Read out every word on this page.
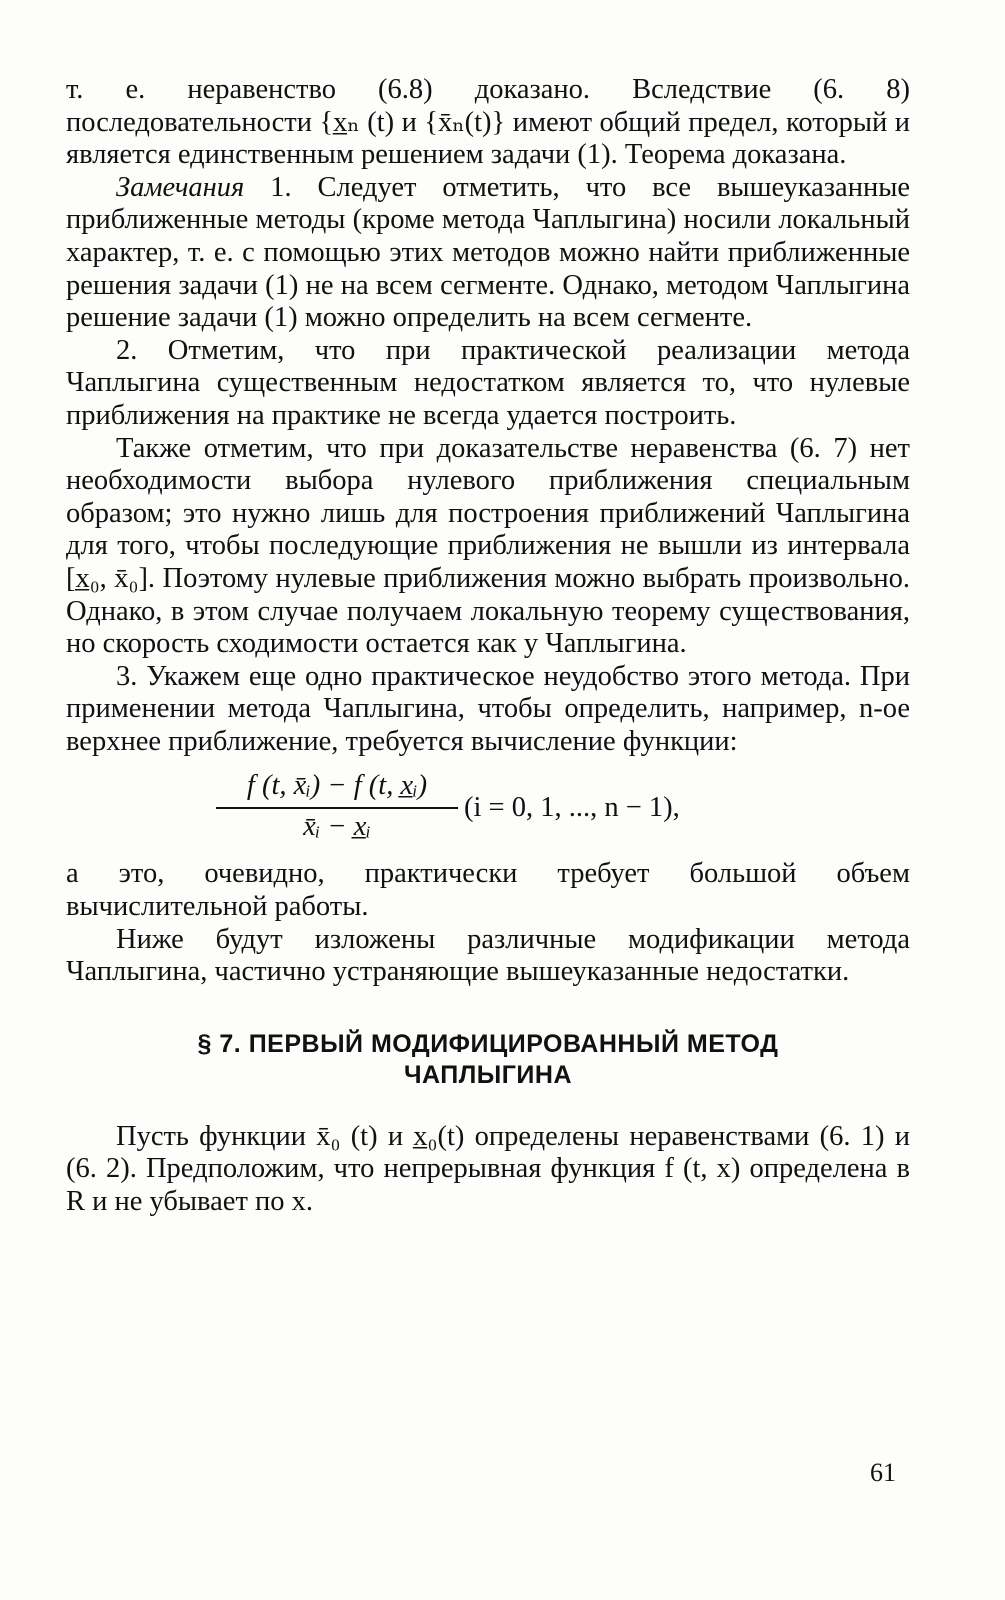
т. е. неравенство (6.8) доказано. Вследствие (6. 8) последовательности {x̲ₙ (t) и {x̄ₙ(t)} имеют общий предел, который и является единственным решением задачи (1). Теорема доказана.

Замечания 1. Следует отметить, что все вышеуказанные приближенные методы (кроме метода Чаплыгина) носили локальный характер, т. е. с помощью этих методов можно найти приближенные решения задачи (1) не на всем сегменте. Однако, методом Чаплыгина решение задачи (1) можно определить на всем сегменте.

2. Отметим, что при практической реализации метода Чаплыгина существенным недостатком является то, что нулевые приближения на практике не всегда удается построить.

Также отметим, что при доказательстве неравенства (6. 7) нет необходимости выбора нулевого приближения специальным образом; это нужно лишь для построения приближений Чаплыгина для того, чтобы последующие приближения не вышли из интервала [x̲₀, x̄₀]. Поэтому нулевые приближения можно выбрать произвольно. Однако, в этом случае получаем локальную теорему существования, но скорость сходимости остается как у Чаплыгина.

3. Укажем еще одно практическое неудобство этого метода. При применении метода Чаплыгина, чтобы определить, например, n-ое верхнее приближение, требуется вычисление функции:

$\frac{\text{f (t, x̄ᵢ) − f (t, x̲ᵢ)}}{\text{x̄ᵢ − x̲ᵢ}} (i = 0$, 1, ..., n − 1),

а это, очевидно, практически требует большой объем вычислительной работы.

Ниже будут изложены различные модификации метода Чаплыгина, частично устраняющие вышеуказанные недостатки.

§ 7. ПЕРВЫЙ МОДИФИЦИРОВАННЫЙ МЕТОД
ЧАПЛЫГИНА

Пусть функции x̄₀ (t) и x̲₀(t) определены неравенствами (6. 1) и (6. 2). Предположим, что непрерывная функция f (t, x) определена в R и не убывает по x.

61
